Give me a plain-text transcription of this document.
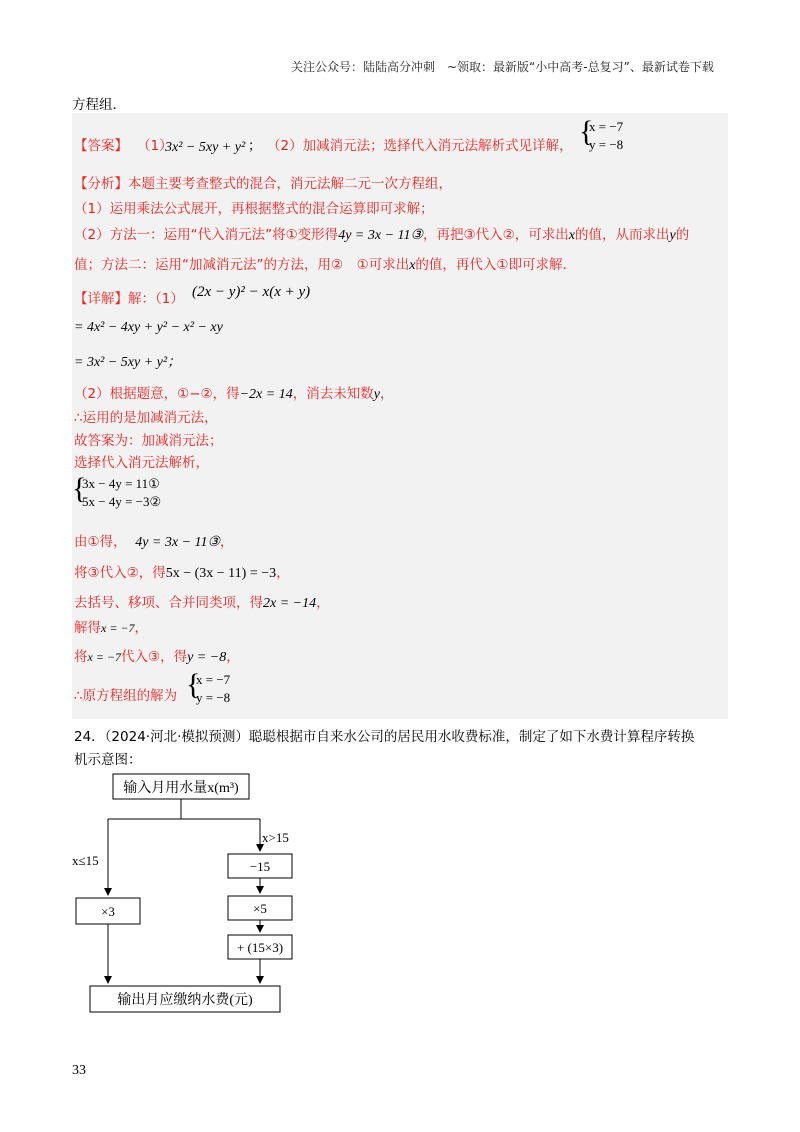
关注公众号：陆陆高分冲刺　~领取：最新版“小中高考-总复习”、最新试卷下载
方程组．
【答案】 （1）
3x² − 5xy + y² ； （2）加减消元法；选择代入消元法解析式见详解， {
x = −7
y = −8
【分析】本题主要考查整式的混合，消元法解二元一次方程组，
（1）运用乘法公式展开，再根据整式的混合运算即可求解；
（2）方法一：运用“代入消元法”将①变形得4y = 3x − 11③，再把③代入②，可求出x的值，从而求出y的
值；方法二：运用“加减消元法”的方法，用②　①可求出x的值，再代入①即可求解．
【详解】解：（1） (2x − y)² − x(x + y)
= 4x² − 4xy + y² − x² − xy
= 3x² − 5xy + y²；
（2）根据题意，①−②，得−2x = 14，消去未知数y，
∴运用的是加减消元法，
故答案为：加减消元法；
选择代入消元法解析，
{
3x − 4y = 11①
5x − 4y = −3②
由①得， 4y = 3x − 11③，
将③代入②，得5x − (3x − 11) = −3，
去括号、移项、合并同类项，得2x = −14，
解得x = −7，
将x = −7代入③，得y = −8，
∴原方程组的解为 {
x = −7
y = −8
24．（2024·河北·模拟预测）聪聪根据市自来水公司的居民用水收费标准，制定了如下水费计算程序转换
机示意图：
输入月用水量x(m³)
x≤15
×3
x>15
−15
×5
+ (15×3)
输出月应缴纳水费(元)
33
